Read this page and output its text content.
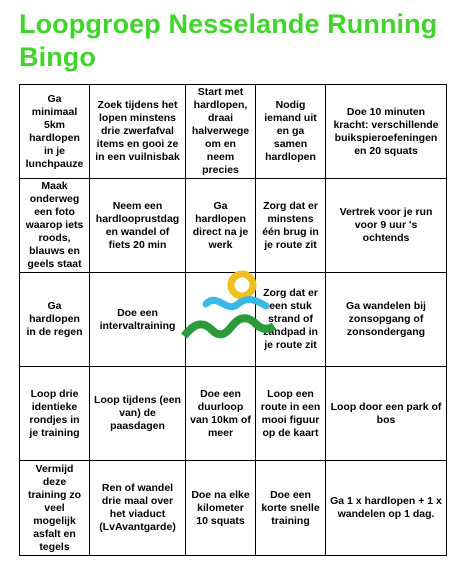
Loopgroep Nesselande Running Bingo
Ga minimaal 5km hardlopen in je lunchpauze	Zoek tijdens het lopen minstens drie zwerfafval items en gooi ze in een vuilnisbak	Start met hardlopen, draai halverwege om en neem precies	Nodig iemand uit en ga samen hardlopen	Doe 10 minuten kracht: verschillende buikspieroefeningen en 20 squats

Maak onderweg een foto waarop iets roods, blauws en geels staat	Neem een hardlooprustdag en wandel of fiets 20 min	Ga hardlopen direct na je werk	Zorg dat er minstens één brug in je route zit	Vertrek voor je run voor 9 uur 's ochtends

Ga hardlopen in de regen	Doe een intervaltraining		Zorg dat er een stuk strand of zandpad in je route zit	Ga wandelen bij zonsopgang of zonsondergang

Loop drie identieke rondjes in je training	Loop tijdens (een van) de paasdagen	Doe een duurloop van 10km of meer	Loop een route in een mooi figuur op de kaart	Loop door een park of bos

Vermijd deze training zo veel mogelijk asfalt en tegels	Ren of wandel drie maal over het viaduct (LvAvantgarde)	Doe na elke kilometer 10 squats	Doe een korte snelle training	Ga 1 x hardlopen + 1 x wandelen op 1 dag.
